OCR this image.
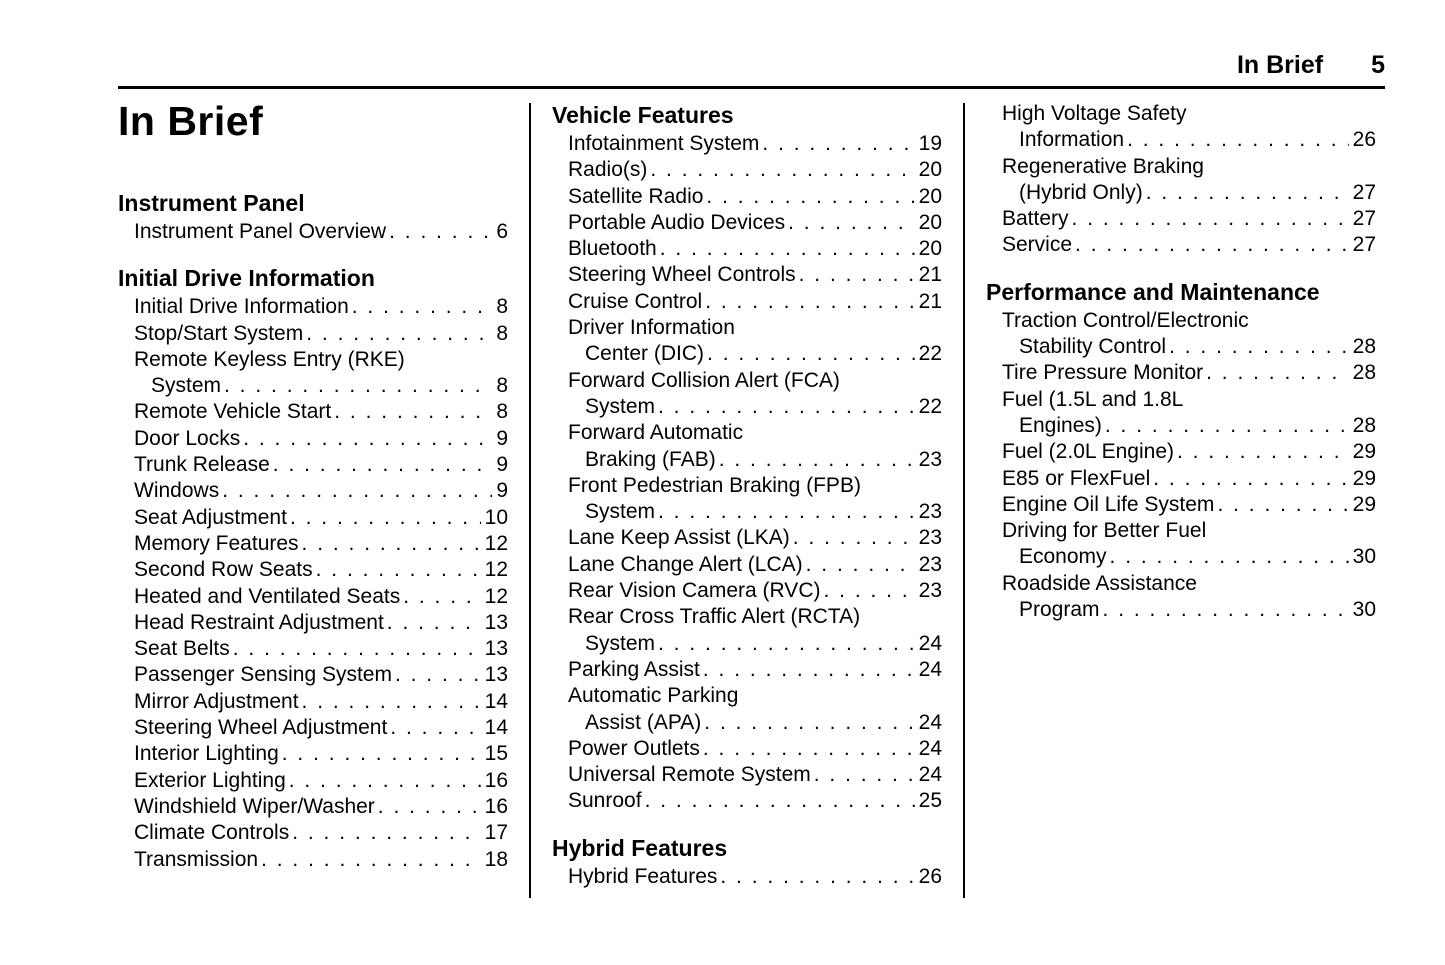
In Brief 5
In Brief
Instrument Panel
Instrument Panel Overview . . .	6
Initial Drive Information
Initial Drive Information . . .	8
Stop/Start System . . .	8
Remote Keyless Entry (RKE)
System . . .	8
Remote Vehicle Start . . .	8
Door Locks . . .	9
Trunk Release . . .	9
Windows . . .	9
Seat Adjustment . . .	10
Memory Features . . .	12
Second Row Seats . . .	12
Heated and Ventilated Seats . . .	12
Head Restraint Adjustment . . .	13
Seat Belts . . .	13
Passenger Sensing System . . .	13
Mirror Adjustment . . .	14
Steering Wheel Adjustment . . .	14
Interior Lighting . . .	15
Exterior Lighting . . .	16
Windshield Wiper/Washer . . .	16
Climate Controls . . .	17
Transmission . . .	18
Vehicle Features
Infotainment System . . .	19
Radio(s) . . .	20
Satellite Radio . . .	20
Portable Audio Devices . . .	20
Bluetooth . . .	20
Steering Wheel Controls . . .	21
Cruise Control . . .	21
Driver Information
Center (DIC) . . .	22
Forward Collision Alert (FCA)
System . . .	22
Forward Automatic
Braking (FAB) . . .	23
Front Pedestrian Braking (FPB)
System . . .	23
Lane Keep Assist (LKA) . . .	23
Lane Change Alert (LCA) . . .	23
Rear Vision Camera (RVC) . . .	23
Rear Cross Traffic Alert (RCTA)
System . . .	24
Parking Assist . . .	24
Automatic Parking
Assist (APA) . . .	24
Power Outlets . . .	24
Universal Remote System . . .	24
Sunroof . . .	25
Hybrid Features
Hybrid Features . . .	26
High Voltage Safety
Information . . .	26
Regenerative Braking
(Hybrid Only) . . .	27
Battery . . .	27
Service . . .	27
Performance and Maintenance
Traction Control/Electronic
Stability Control . . .	28
Tire Pressure Monitor . . .	28
Fuel (1.5L and 1.8L
Engines) . . .	28
Fuel (2.0L Engine) . . .	29
E85 or FlexFuel . . .	29
Engine Oil Life System . . .	29
Driving for Better Fuel
Economy . . .	30
Roadside Assistance
Program . . .	30
